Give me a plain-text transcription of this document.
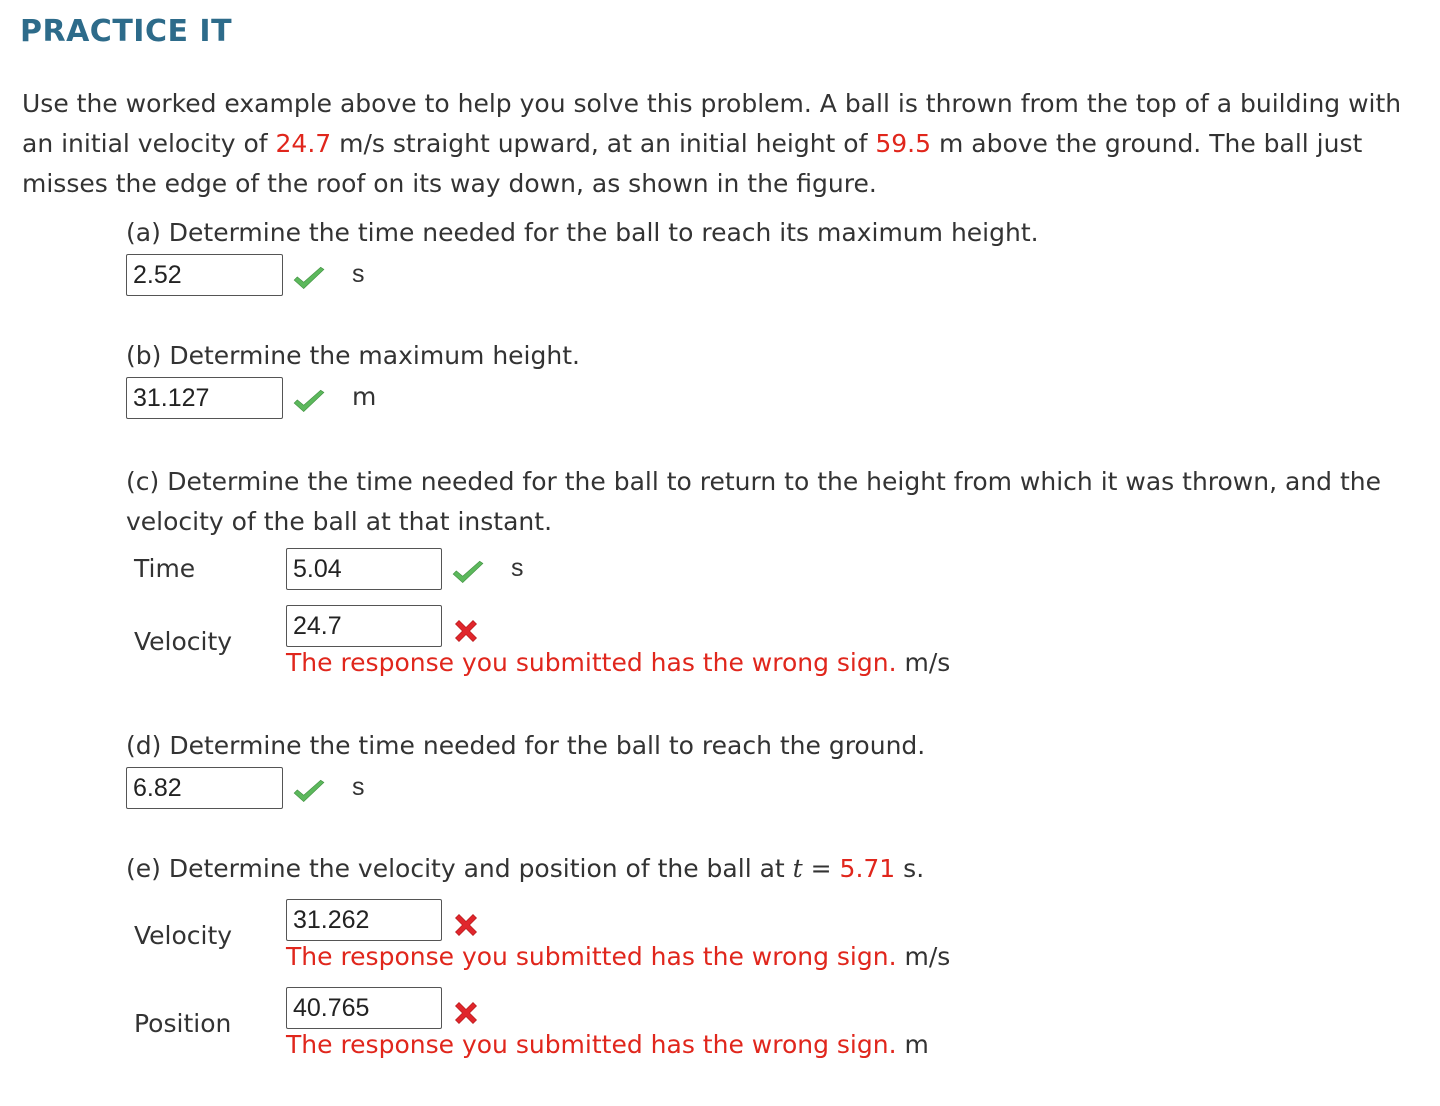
PRACTICE IT
Use the worked example above to help you solve this problem. A ball is thrown from the top of a building with an initial velocity of 24.7 m/s straight upward, at an initial height of 59.5 m above the ground. The ball just misses the edge of the roof on its way down, as shown in the figure.
(a) Determine the time needed for the ball to reach its maximum height.
2.52
s
(b) Determine the maximum height.
31.127
m
(c) Determine the time needed for the ball to return to the height from which it was thrown, and the velocity of the ball at that instant.
Time
5.04	s
Velocity
24.7
The response you submitted has the wrong sign. m/s
(d) Determine the time needed for the ball to reach the ground.
6.82
s
(e) Determine the velocity and position of the ball at t = 5.71 s.
Velocity
31.262
The response you submitted has the wrong sign. m/s
Position
40.765
The response you submitted has the wrong sign. m
